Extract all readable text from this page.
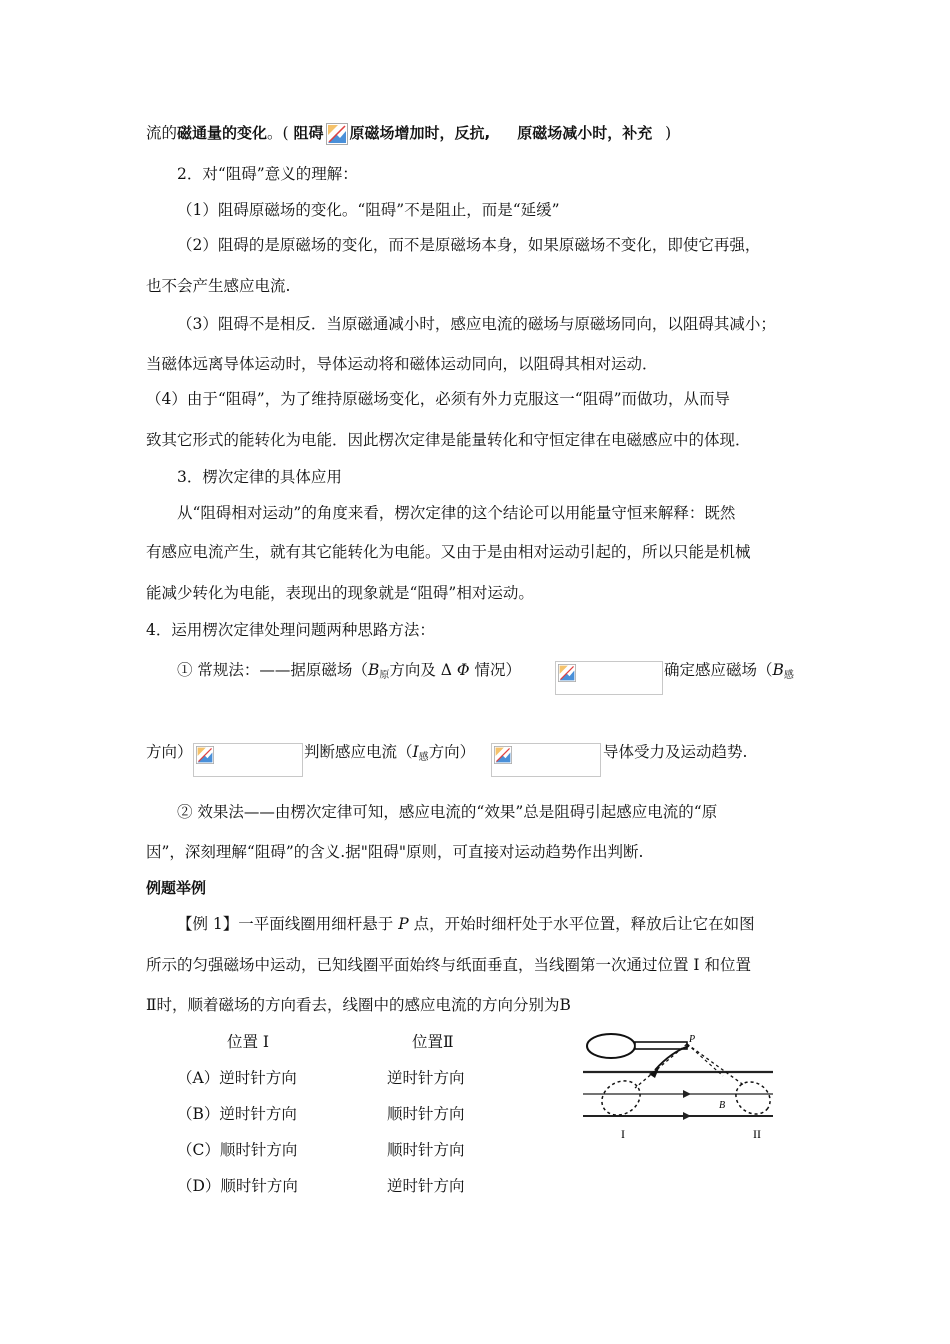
流的磁通量的变化。( 阻碍 原磁场增加时，反抗, 原磁场减小时，补充 )
2．对“阻碍”意义的理解：
（1）阻碍原磁场的变化。“阻碍”不是阻止，而是“延缓”
（2）阻碍的是原磁场的变化，而不是原磁场本身，如果原磁场不变化，即使它再强，
也不会产生感应电流.
（3）阻碍不是相反．当原磁通减小时，感应电流的磁场与原磁场同向，以阻碍其减小；
当磁体远离导体运动时，导体运动将和磁体运动同向，以阻碍其相对运动．
（4）由于“阻碍”，为了维持原磁场变化，必须有外力克服这一“阻碍”而做功，从而导
致其它形式的能转化为电能．因此楞次定律是能量转化和守恒定律在电磁感应中的体现．
3．楞次定律的具体应用
从“阻碍相对运动”的角度来看，楞次定律的这个结论可以用能量守恒来解释：既然
有感应电流产生，就有其它能转化为电能。又由于是由相对运动引起的，所以只能是机械
能减少转化为电能，表现出的现象就是“阻碍”相对运动。
4．运用楞次定律处理问题两种思路方法：
① 常规法：——据原磁场（$B_原$方向及 Δ Φ 情况）	确定感应磁场（$B_感$
方向）	判断感应电流（$I_感$方向）	导体受力及运动趋势.
② 效果法——由楞次定律可知，感应电流的“效果”总是阻碍引起感应电流的“原
因”，深刻理解“阻碍”的含义.据"阻碍"原则，可直接对运动趋势作出判断.
例题举例
【例 1】一平面线圈用细杆悬于 P 点，开始时细杆处于水平位置，释放后让它在如图
所示的匀强磁场中运动，已知线圈平面始终与纸面垂直，当线圈第一次通过位置 I 和位置
Ⅱ时，顺着磁场的方向看去，线圈中的感应电流的方向分别为B
位置 I	位置Ⅱ
（A）逆时针方向	逆时针方向
（B）逆时针方向	顺时针方向
（C）顺时针方向	顺时针方向
（D）顺时针方向	逆时针方向
P
B
I	II
